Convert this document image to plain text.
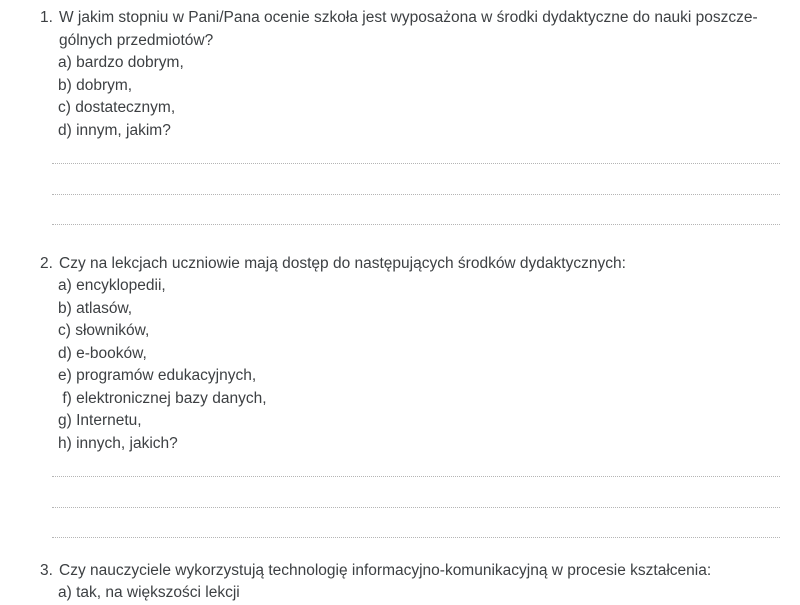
1. W jakim stopniu w Pani/Pana ocenie szkoła jest wyposażona w środki dydaktyczne do nauki poszcze-
gólnych przedmiotów?
a) bardzo dobrym,
b) dobrym,
c) dostatecznym,
d) innym, jakim?
2. Czy na lekcjach uczniowie mają dostęp do następujących środków dydaktycznych:
a) encyklopedii,
b) atlasów,
c) słowników,
d) e-booków,
e) programów edukacyjnych,
f) elektronicznej bazy danych,
g) Internetu,
h) innych, jakich?
3. Czy nauczyciele wykorzystują technologię informacyjno-komunikacyjną w procesie kształcenia:
a) tak, na większości lekcji
